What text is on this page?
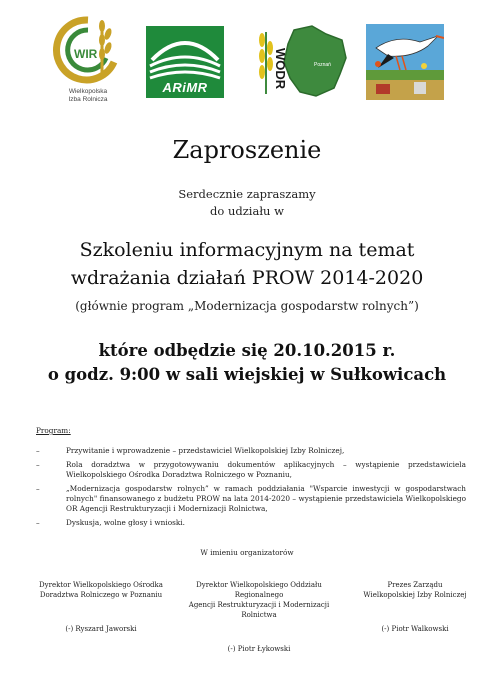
WIR
Wielkopolska
Izba Rolnicza
ARiMR	WODR	Poznań
Zaproszenie
Serdecznie zapraszamy
do udziału w
Szkoleniu informacyjnym na temat
wdrażania działań PROW 2014-2020
(głównie program „Modernizacja gospodarstw rolnych”)
które odbędzie się 20.10.2015 r.
o godz. 9:00 w sali wiejskiej w Sułkowicach
Program:
–	Przywitanie i wprowadzenie – przedstawiciel Wielkopolskiej Izby Rolniczej,
–	Rola doradztwa w przygotowywaniu dokumentów aplikacyjnych – wystąpienie przedstawiciela Wielkopolskiego Ośrodka Doradztwa Rolniczego w Poznaniu,
–	„Modernizacja gospodarstw rolnych” w ramach poddziałania "Wsparcie inwestycji w gospodarstwach rolnych" finansowanego z budżetu PROW na lata 2014-2020 – wystąpienie przedstawiciela Wielkopolskiego OR Agencji Restrukturyzacji i Modernizacji Rolnictwa,
–	Dyskusja, wolne głosy i wnioski.
W imieniu organizatorów
Dyrektor Wielkopolskiego Ośrodka
Doradztwa Rolniczego w Poznaniu
(-) Ryszard Jaworski
Dyrektor Wielkopolskiego Oddziału Regionalnego
Agencji Restrukturyzacji i Modernizacji Rolnictwa
(-) Piotr Łykowski
Prezes Zarządu
Wielkopolskiej Izby Rolniczej
(-) Piotr Walkowski
